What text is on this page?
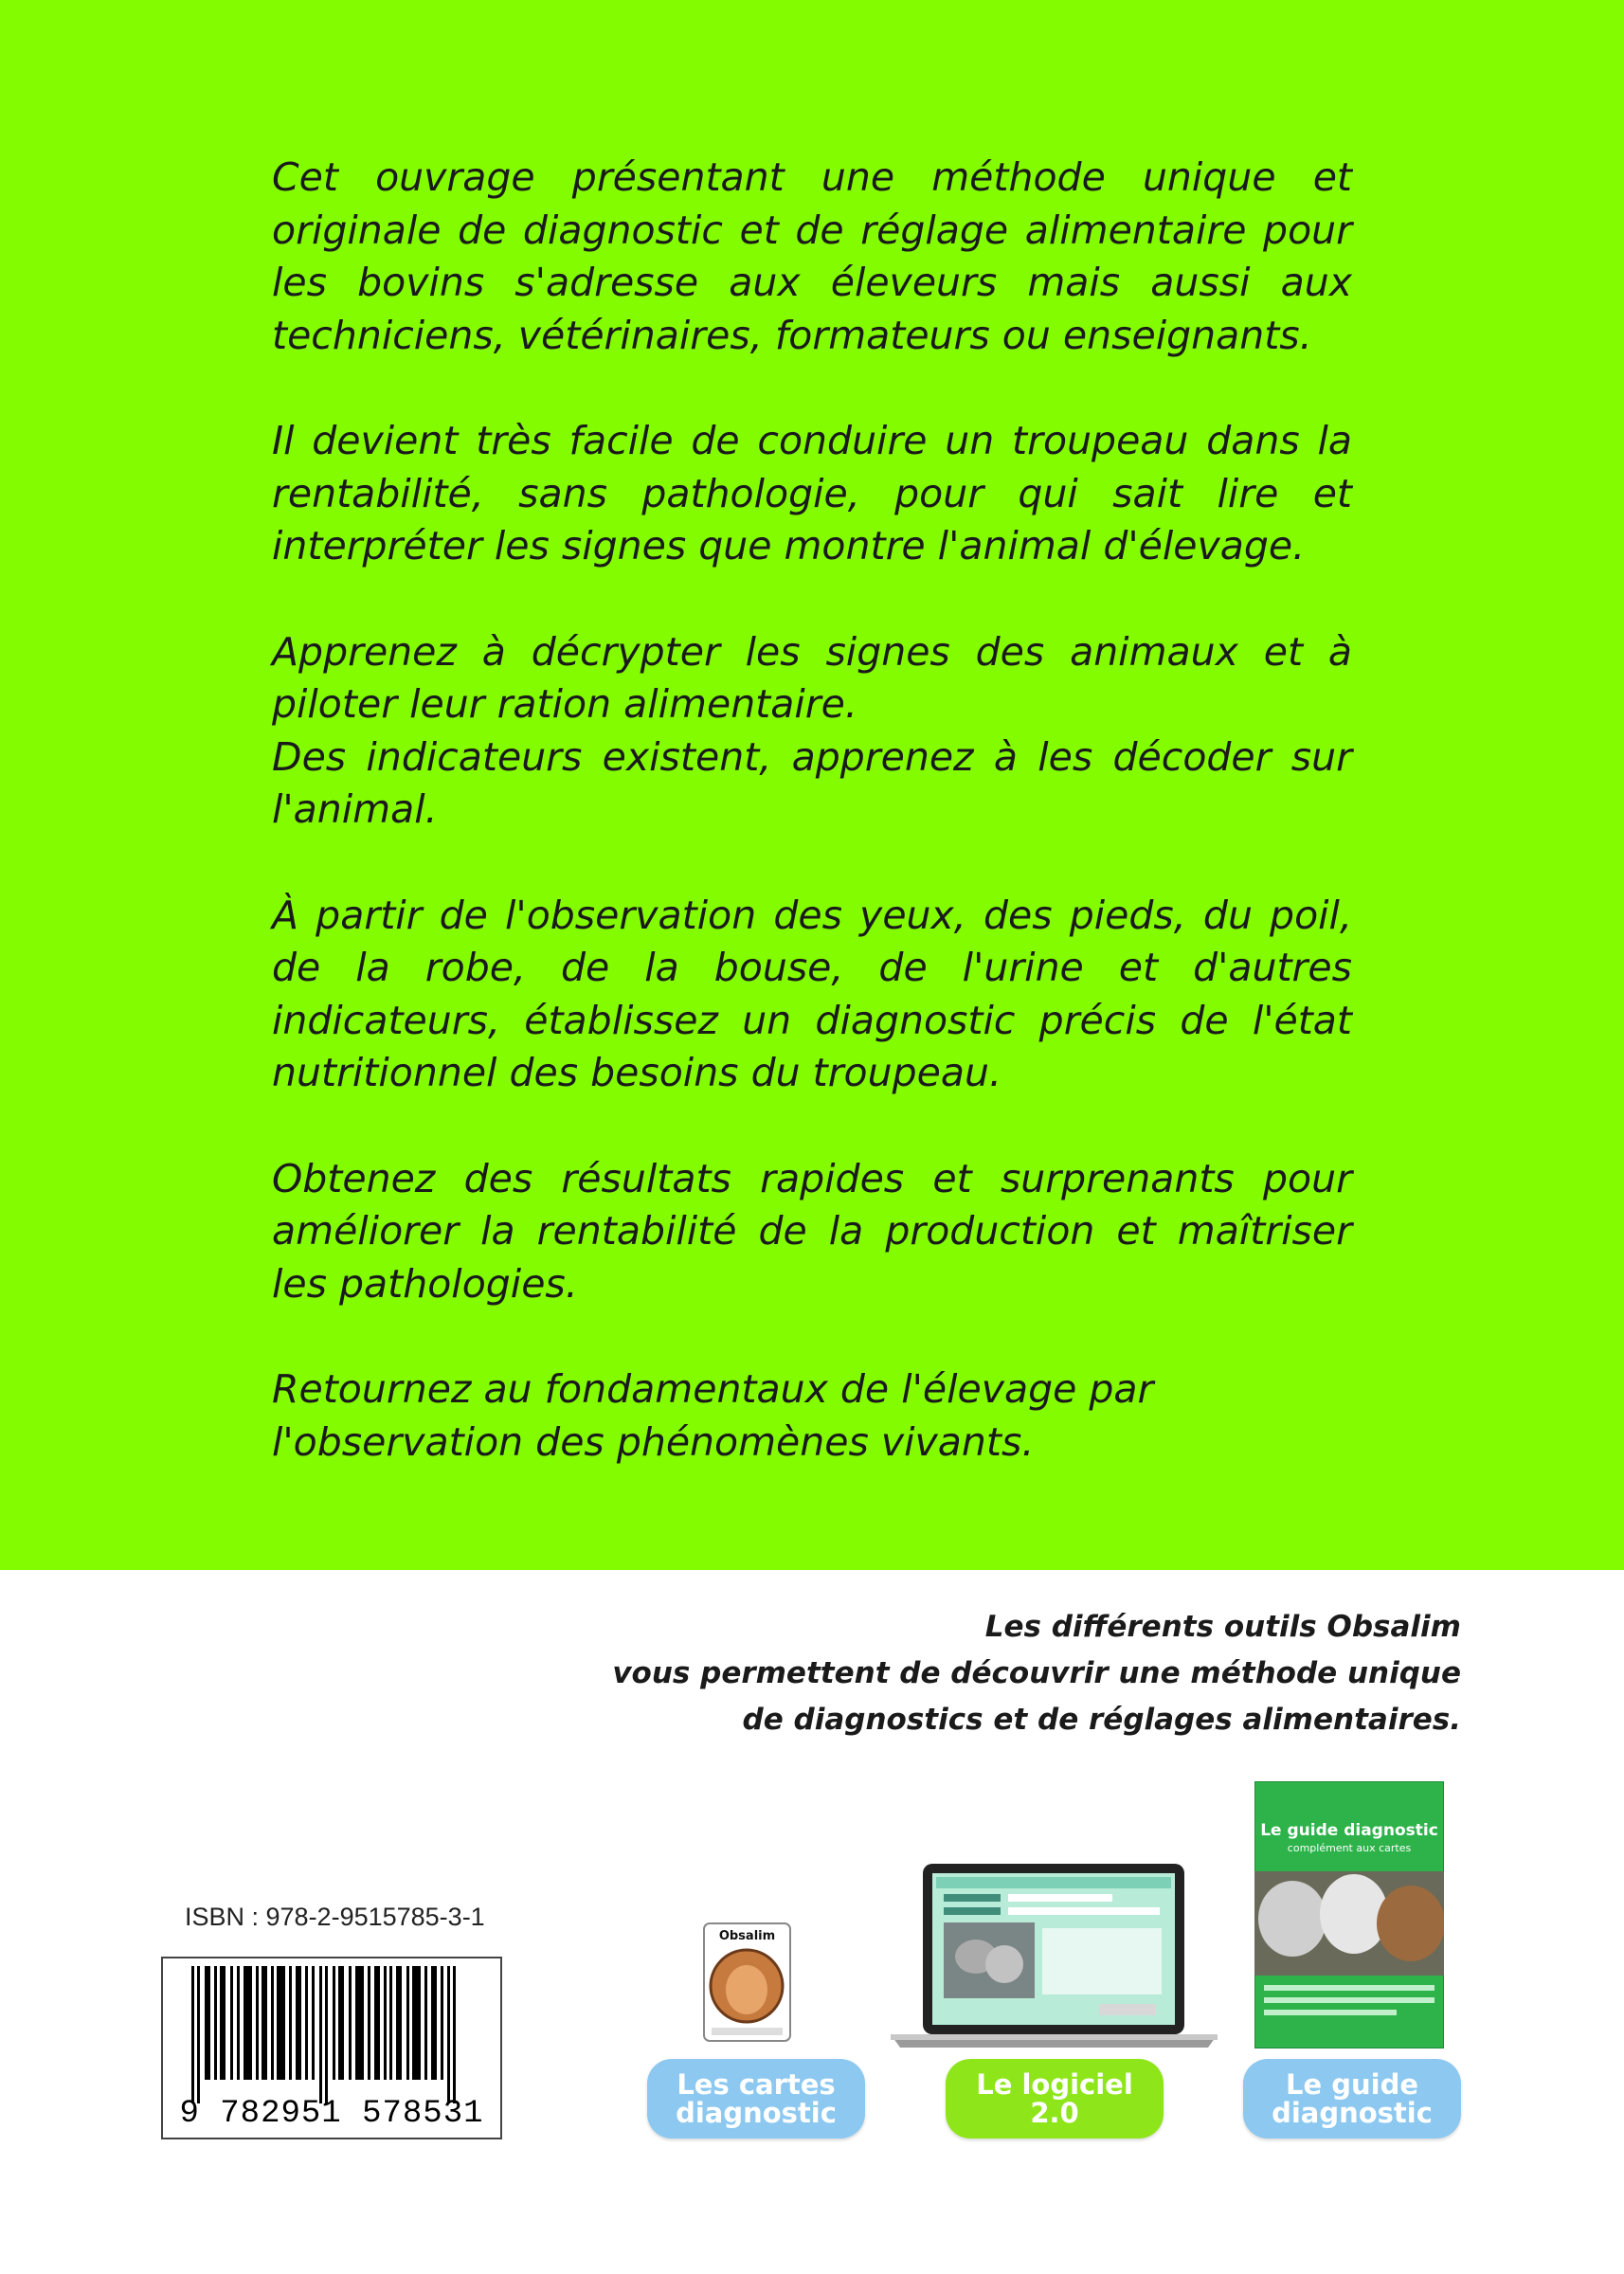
Cet ouvrage présentant une méthode unique et originale de diagnostic et de réglage alimentaire pour les bovins s'adresse aux éleveurs mais aussi aux techniciens, vétérinaires, formateurs ou enseignants.

Il devient très facile de conduire un troupeau dans la rentabilité, sans pathologie, pour qui sait lire et interpréter les signes que montre l'animal d'élevage.

Apprenez à décrypter les signes des animaux et à piloter leur ration alimentaire.
Des indicateurs existent, apprenez à les décoder sur l'animal.

À partir de l'observation des yeux, des pieds, du poil, de la robe, de la bouse, de l'urine et d'autres indicateurs, établissez un diagnostic précis de l'état nutritionnel des besoins du troupeau.

Obtenez des résultats rapides et surprenants pour améliorer la rentabilité de la production et maîtriser les pathologies.

Retournez au fondamentaux de l'élevage par l'observation des phénomènes vivants.

Les différents outils Obsalim
vous permettent de découvrir une méthode unique
de diagnostics et de réglages alimentaires.
ISBN : 978-2-9515785-3-1
9 782951 578531
Obsalim
Les cartes
diagnostic
Le logiciel
2.0
Le guide diagnostic
complément aux cartes
Le guide
diagnostic
